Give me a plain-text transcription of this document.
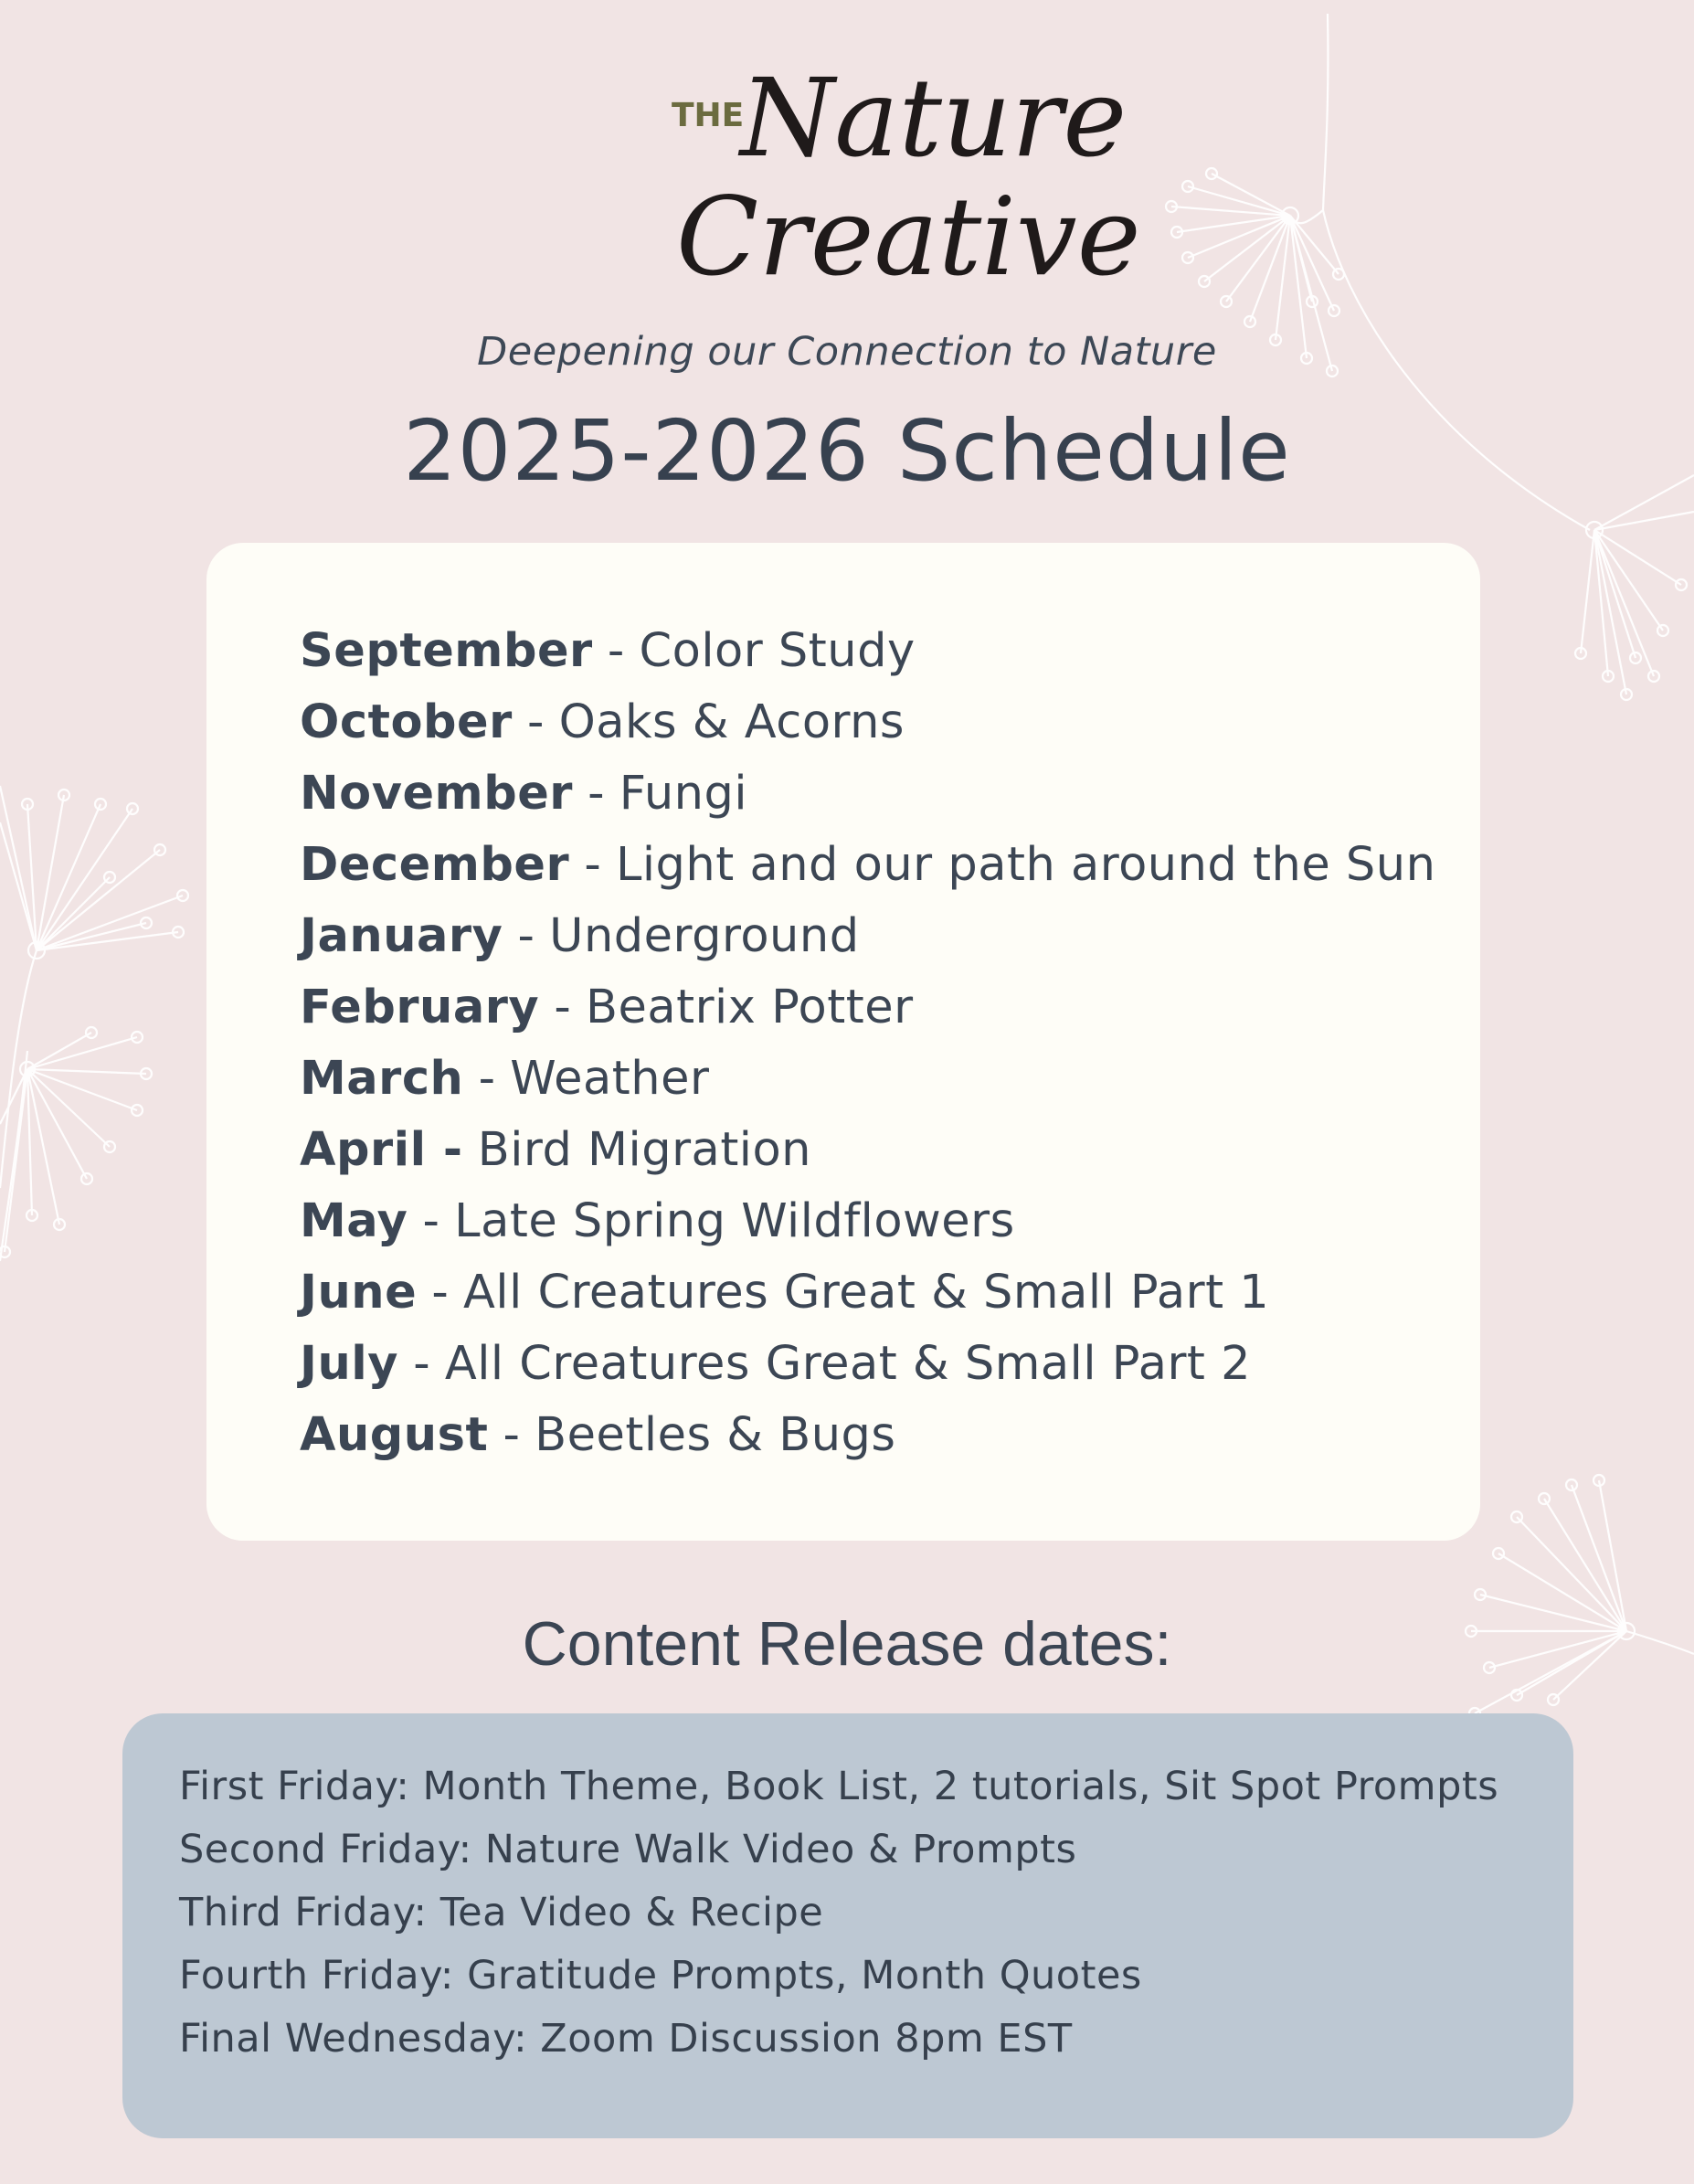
THE
Nature
Creative
Deepening our Connection to Nature
2025-2026 Schedule
September - Color Study
October - Oaks & Acorns
November - Fungi
December - Light and our path around the Sun
January - Underground
February - Beatrix Potter
March - Weather
April - Bird Migration
May - Late Spring Wildflowers
June - All Creatures Great & Small Part 1
July - All Creatures Great & Small Part 2
August - Beetles & Bugs
Content Release dates:
First Friday: Month Theme, Book List, 2 tutorials, Sit Spot Prompts
Second Friday: Nature Walk Video & Prompts
Third Friday: Tea Video & Recipe
Fourth Friday: Gratitude Prompts, Month Quotes
Final Wednesday: Zoom Discussion 8pm EST
